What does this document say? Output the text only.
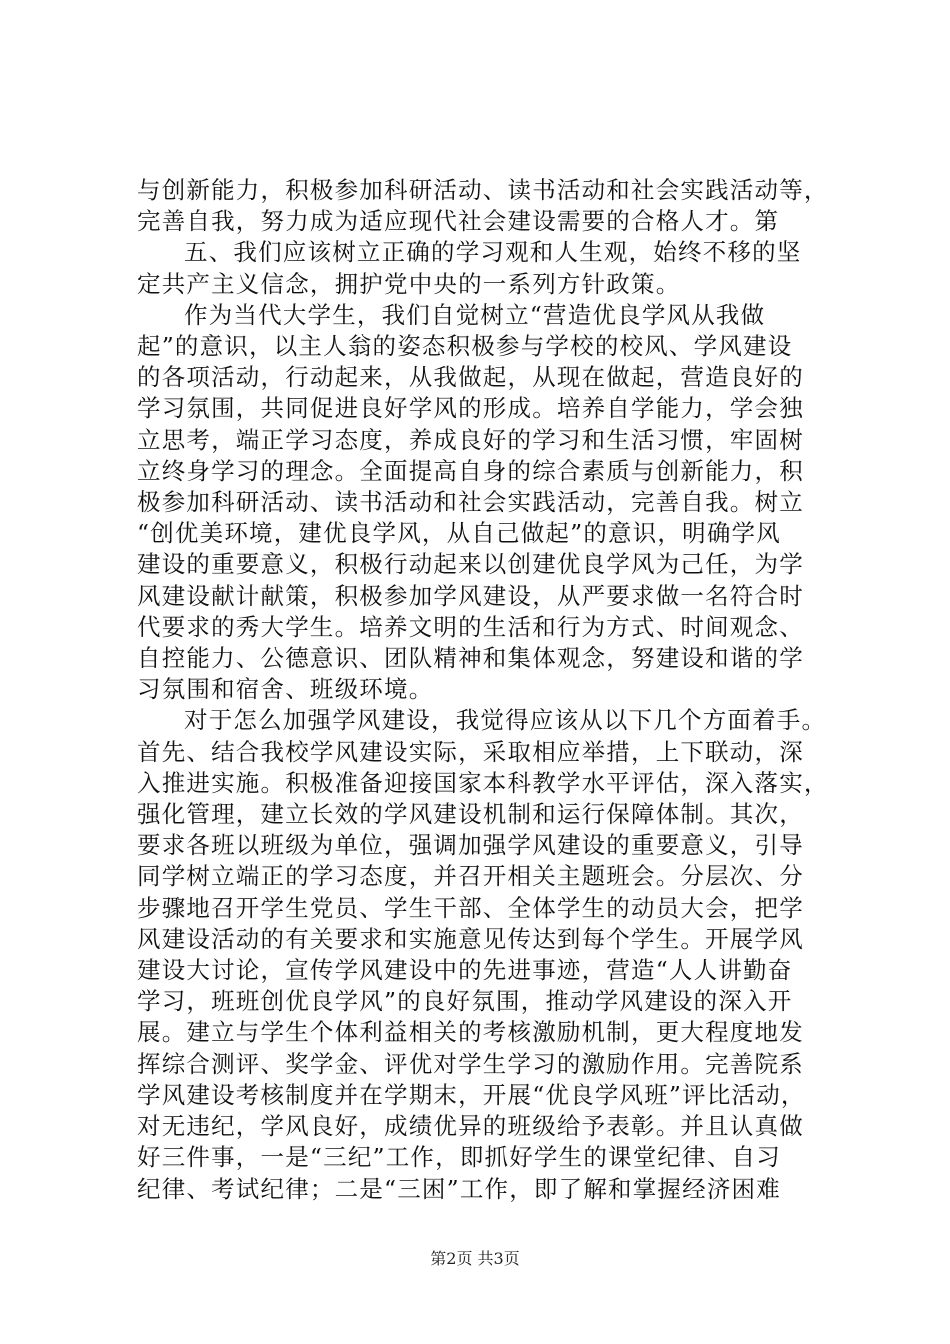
与创新能力，积极参加科研活动、读书活动和社会实践活动等，
完善自我，努力成为适应现代社会建设需要的合格人才。第
五、我们应该树立正确的学习观和人生观，始终不移的坚
定共产主义信念，拥护党中央的一系列方针政策。
作为当代大学生，我们自觉树立“营造优良学风从我做
起”的意识，以主人翁的姿态积极参与学校的校风、学风建设
的各项活动，行动起来，从我做起，从现在做起，营造良好的
学习氛围，共同促进良好学风的形成。培养自学能力，学会独
立思考，端正学习态度，养成良好的学习和生活习惯，牢固树
立终身学习的理念。全面提高自身的综合素质与创新能力，积
极参加科研活动、读书活动和社会实践活动，完善自我。树立
“创优美环境，建优良学风，从自己做起”的意识，明确学风
建设的重要意义，积极行动起来以创建优良学风为己任，为学
风建设献计献策，积极参加学风建设，从严要求做一名符合时
代要求的秀大学生。培养文明的生活和行为方式、时间观念、
自控能力、公德意识、团队精神和集体观念，努建设和谐的学
习氛围和宿舍、班级环境。
对于怎么加强学风建设，我觉得应该从以下几个方面着手。
首先、结合我校学风建设实际，采取相应举措，上下联动，深
入推进实施。积极准备迎接国家本科教学水平评估，深入落实，
强化管理，建立长效的学风建设机制和运行保障体制。其次，
要求各班以班级为单位，强调加强学风建设的重要意义，引导
同学树立端正的学习态度，并召开相关主题班会。分层次、分
步骤地召开学生党员、学生干部、全体学生的动员大会，把学
风建设活动的有关要求和实施意见传达到每个学生。开展学风
建设大讨论，宣传学风建设中的先进事迹，营造“人人讲勤奋
学习，班班创优良学风”的良好氛围，推动学风建设的深入开
展。建立与学生个体利益相关的考核激励机制，更大程度地发
挥综合测评、奖学金、评优对学生学习的激励作用。完善院系
学风建设考核制度并在学期末，开展“优良学风班”评比活动，
对无违纪，学风良好，成绩优异的班级给予表彰。并且认真做
好三件事，一是“三纪”工作，即抓好学生的课堂纪律、自习
纪律、考试纪律；二是“三困”工作，即了解和掌握经济困难
第2页 共3页
